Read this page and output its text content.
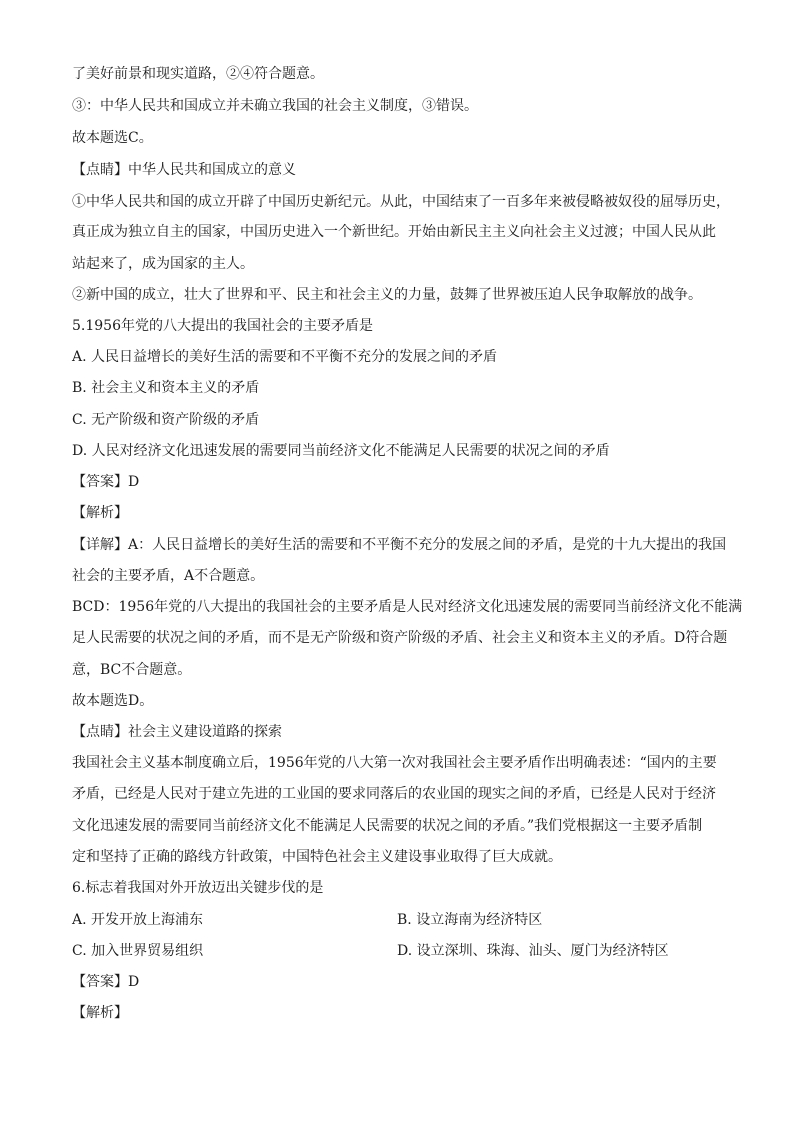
了美好前景和现实道路，②④符合题意。
③：中华人民共和国成立并未确立我国的社会主义制度，③错误。
故本题选C。
【点睛】中华人民共和国成立的意义
①中华人民共和国的成立开辟了中国历史新纪元。从此，中国结束了一百多年来被侵略被奴役的屈辱历史，
真正成为独立自主的国家，中国历史进入一个新世纪。开始由新民主主义向社会主义过渡；中国人民从此
站起来了，成为国家的主人。
②新中国的成立，壮大了世界和平、民主和社会主义的力量，鼓舞了世界被压迫人民争取解放的战争。
5.1956年党的八大提出的我国社会的主要矛盾是
A. 人民日益增长的美好生活的需要和不平衡不充分的发展之间的矛盾
B. 社会主义和资本主义的矛盾
C. 无产阶级和资产阶级的矛盾
D. 人民对经济文化迅速发展的需要同当前经济文化不能满足人民需要的状况之间的矛盾
【答案】D
【解析】
【详解】A：人民日益增长的美好生活的需要和不平衡不充分的发展之间的矛盾，是党的十九大提出的我国
社会的主要矛盾，A不合题意。
BCD：1956年党的八大提出的我国社会的主要矛盾是人民对经济文化迅速发展的需要同当前经济文化不能满
足人民需要的状况之间的矛盾，而不是无产阶级和资产阶级的矛盾、社会主义和资本主义的矛盾。D符合题
意，BC不合题意。
故本题选D。
【点睛】社会主义建设道路的探索
我国社会主义基本制度确立后，1956年党的八大第一次对我国社会主要矛盾作出明确表述：“国内的主要
矛盾，已经是人民对于建立先进的工业国的要求同落后的农业国的现实之间的矛盾，已经是人民对于经济
文化迅速发展的需要同当前经济文化不能满足人民需要的状况之间的矛盾。”我们党根据这一主要矛盾制
定和坚持了正确的路线方针政策，中国特色社会主义建设事业取得了巨大成就。
6.标志着我国对外开放迈出关键步伐的是
A. 开发开放上海浦东	B. 设立海南为经济特区
C. 加入世界贸易组织	D. 设立深圳、珠海、汕头、厦门为经济特区
【答案】D
【解析】
